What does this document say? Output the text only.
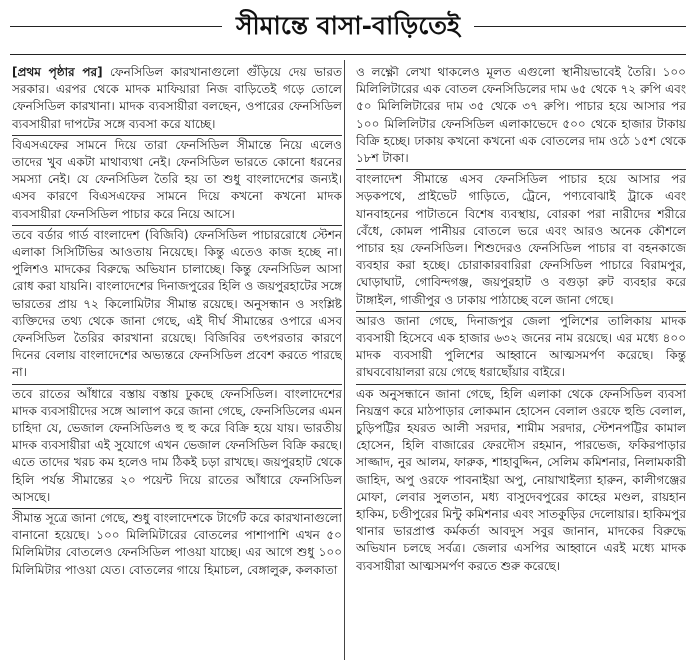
সীমান্তে বাসা-বাড়িতেই

[প্রথম পৃষ্ঠার পর] ফেনসিডিল কারখানাগুলো গুঁড়িয়ে দেয় ভারত সরকার। এরপর থেকে মাদক মাফিয়ারা নিজ বাড়িতেই গড়ে তোলে ফেনসিডিল কারখানা। মাদক ব্যবসায়ীরা বলছেন, ওপারের ফেনসিডিল ব্যবসায়ীরা দাপটের সঙ্গে ব্যবসা করে যাচ্ছে।

বিএসএফের সামনে দিয়ে তারা ফেনসিডিল সীমান্তে নিয়ে এলেও তাদের খুব একটা মাথাব্যথা নেই। ফেনসিডিল ভারতে কোনো ধরনের সমস্যা নেই। যে ফেনসিডিল তৈরি হয় তা শুধু বাংলাদেশের জন্যই। এসব কারণে বিএসএফের সামনে দিয়ে কখনো কখনো মাদক ব্যবসায়ীরা ফেনসিডিল পাচার করে নিয়ে আসে।

তবে বর্ডার গার্ড বাংলাদেশ (বিজিবি) ফেনসিডিল পাচাররোধে স্টেশন এলাকা সিসিটিভির আওতায় নিয়েছে। কিন্তু এতেও কাজ হচ্ছে না। পুলিশও মাদকের বিরুদ্ধে অভিযান চালাচ্ছে। কিন্তু ফেনসিডিল আসা রোধ করা যায়নি। বাংলাদেশের দিনাজপুরের হিলি ও জয়পুরহাটের সঙ্গে ভারতের প্রায় ৭২ কিলোমিটার সীমান্ত রয়েছে। অনুসন্ধান ও সংশ্লিষ্ট ব্যক্তিদের তথ্য থেকে জানা গেছে, এই দীর্ঘ সীমান্তের ওপারে এসব ফেনসিডিল তৈরির কারখানা রয়েছে। বিজিবির তৎপরতার কারণে দিনের বেলায় বাংলাদেশের অভ্যন্তরে ফেনসিডিল প্রবেশ করতে পারছে না।

তবে রাতের আঁধারে বস্তায় বস্তায় ঢুকছে ফেনসিডিল। বাংলাদেশের মাদক ব্যবসায়ীদের সঙ্গে আলাপ করে জানা গেছে, ফেনসিডিলের এমন চাহিদা যে, ভেজাল ফেনসিডিলও হু হু করে বিক্রি হয়ে যায়। ভারতীয় মাদক ব্যবসায়ীরা এই সুযোগে এখন ভেজাল ফেনসিডিল বিক্রি করছে। এতে তাদের খরচ কম হলেও দাম ঠিকই চড়া রাখছে। জয়পুরহাট থেকে হিলি পর্যন্ত সীমান্তের ২০ পয়েন্ট দিয়ে রাতের আঁধারে ফেনসিডিল আসছে।

সীমান্ত সূত্রে জানা গেছে, শুধু বাংলাদেশকে টার্গেট করে কারখানাগুলো বানানো হয়েছে। ১০০ মিলিমিটারের বোতলের পাশাপাশি এখন ৫০ মিলিমিটার বোতলেও ফেনসিডিল পাওয়া যাচ্ছে। এর আগে শুধু ১০০ মিলিমিটার পাওয়া যেত। বোতলের গায়ে হিমাচল, বেঙ্গালুরু, কলকাতা

ও লক্ষ্ণৌ লেখা থাকলেও মূলত এগুলো স্থানীয়ভাবেই তৈরি। ১০০ মিলিলিটারের এক বোতল ফেনসিডিলের দাম ৬৫ থেকে ৭২ রুপি এবং ৫০ মিলিলিটারের দাম ৩৫ থেকে ৩৭ রুপি। পাচার হয়ে আসার পর ১০০ মিলিলিটার ফেনসিডিল এলাকাভেদে ৫০০ থেকে হাজার টাকায় বিক্রি হচ্ছে। ঢাকায় কখনো কখনো এক বোতলের দাম ওঠে ১৫শ থেকে ১৮শ টাকা।

বাংলাদেশ সীমান্তে এসব ফেনসিডিল পাচার হয়ে আসার পর সড়কপথে, প্রাইভেট গাড়িতে, ট্রেনে, পণ্যবোঝাই ট্রাকে এবং যানবাহনের পাটাতনে বিশেষ ব্যবস্থায়, বোরকা পরা নারীদের শরীরে বেঁধে, কোমল পানীয়র বোতলে ভরে এবং আরও অনেক কৌশলে পাচার হয় ফেনসিডিল। শিশুদেরও ফেনসিডিল পাচার বা বহনকাজে ব্যবহার করা হচ্ছে। চোরাকারবারিরা ফেনসিডিল পাচারে বিরামপুর, ঘোড়াঘাট, গোবিন্দগঞ্জ, জয়পুরহাট ও বগুড়া রুট ব্যবহার করে টাঙ্গাইল, গাজীপুর ও ঢাকায় পাঠাচ্ছে বলে জানা গেছে।

আরও জানা গেছে, দিনাজপুর জেলা পুলিশের তালিকায় মাদক ব্যবসায়ী হিসেবে এক হাজার ৬৩২ জনের নাম রয়েছে। এর মধ্যে ৪০০ মাদক ব্যবসায়ী পুলিশের আহ্বানে আত্মসমর্পণ করেছে। কিন্তু রাঘববোয়ালরা রয়ে গেছে ধরাছোঁয়ার বাইরে।

এক অনুসন্ধানে জানা গেছে, হিলি এলাকা থেকে ফেনসিডিল ব্যবসা নিয়ন্ত্রণ করে মাঠপাড়ার লোকমান হোসেন বেলাল ওরফে হুন্ডি বেলাল, চুড়িপট্টির হযরত আলী সরদার, শামীম সরদার, স্টেশনপট্টির কামাল হোসেন, হিলি বাজারের ফেরদৌস রহমান, পারভেজ, ফকিরপাড়ার সাজ্জাদ, নুর আলম, ফারুক, শাহাবুদ্দিন, সেলিম কমিশনার, নিলামকারী জাহিদ, অপু ওরফে পাবনাইয়া অপু, নোয়াখাইল্যা হারুন, কালীগঞ্জের মোফা, লেবার সুলতান, মধ্য বাসুদেবপুরের কাহের মণ্ডল, রায়হান হাকিম, চণ্ডীপুরের মিন্টু কমিশনার এবং সাতকুড়ির দেলোয়ার। হাকিমপুর থানার ভারপ্রাপ্ত কর্মকর্তা আবদুস সবুর জানান, মাদকের বিরুদ্ধে অভিযান চলছে সর্বত্র। জেলার এসপির আহ্বানে এরই মধ্যে মাদক ব্যবসায়ীরা আত্মসমর্পণ করতে শুরু করেছে।
